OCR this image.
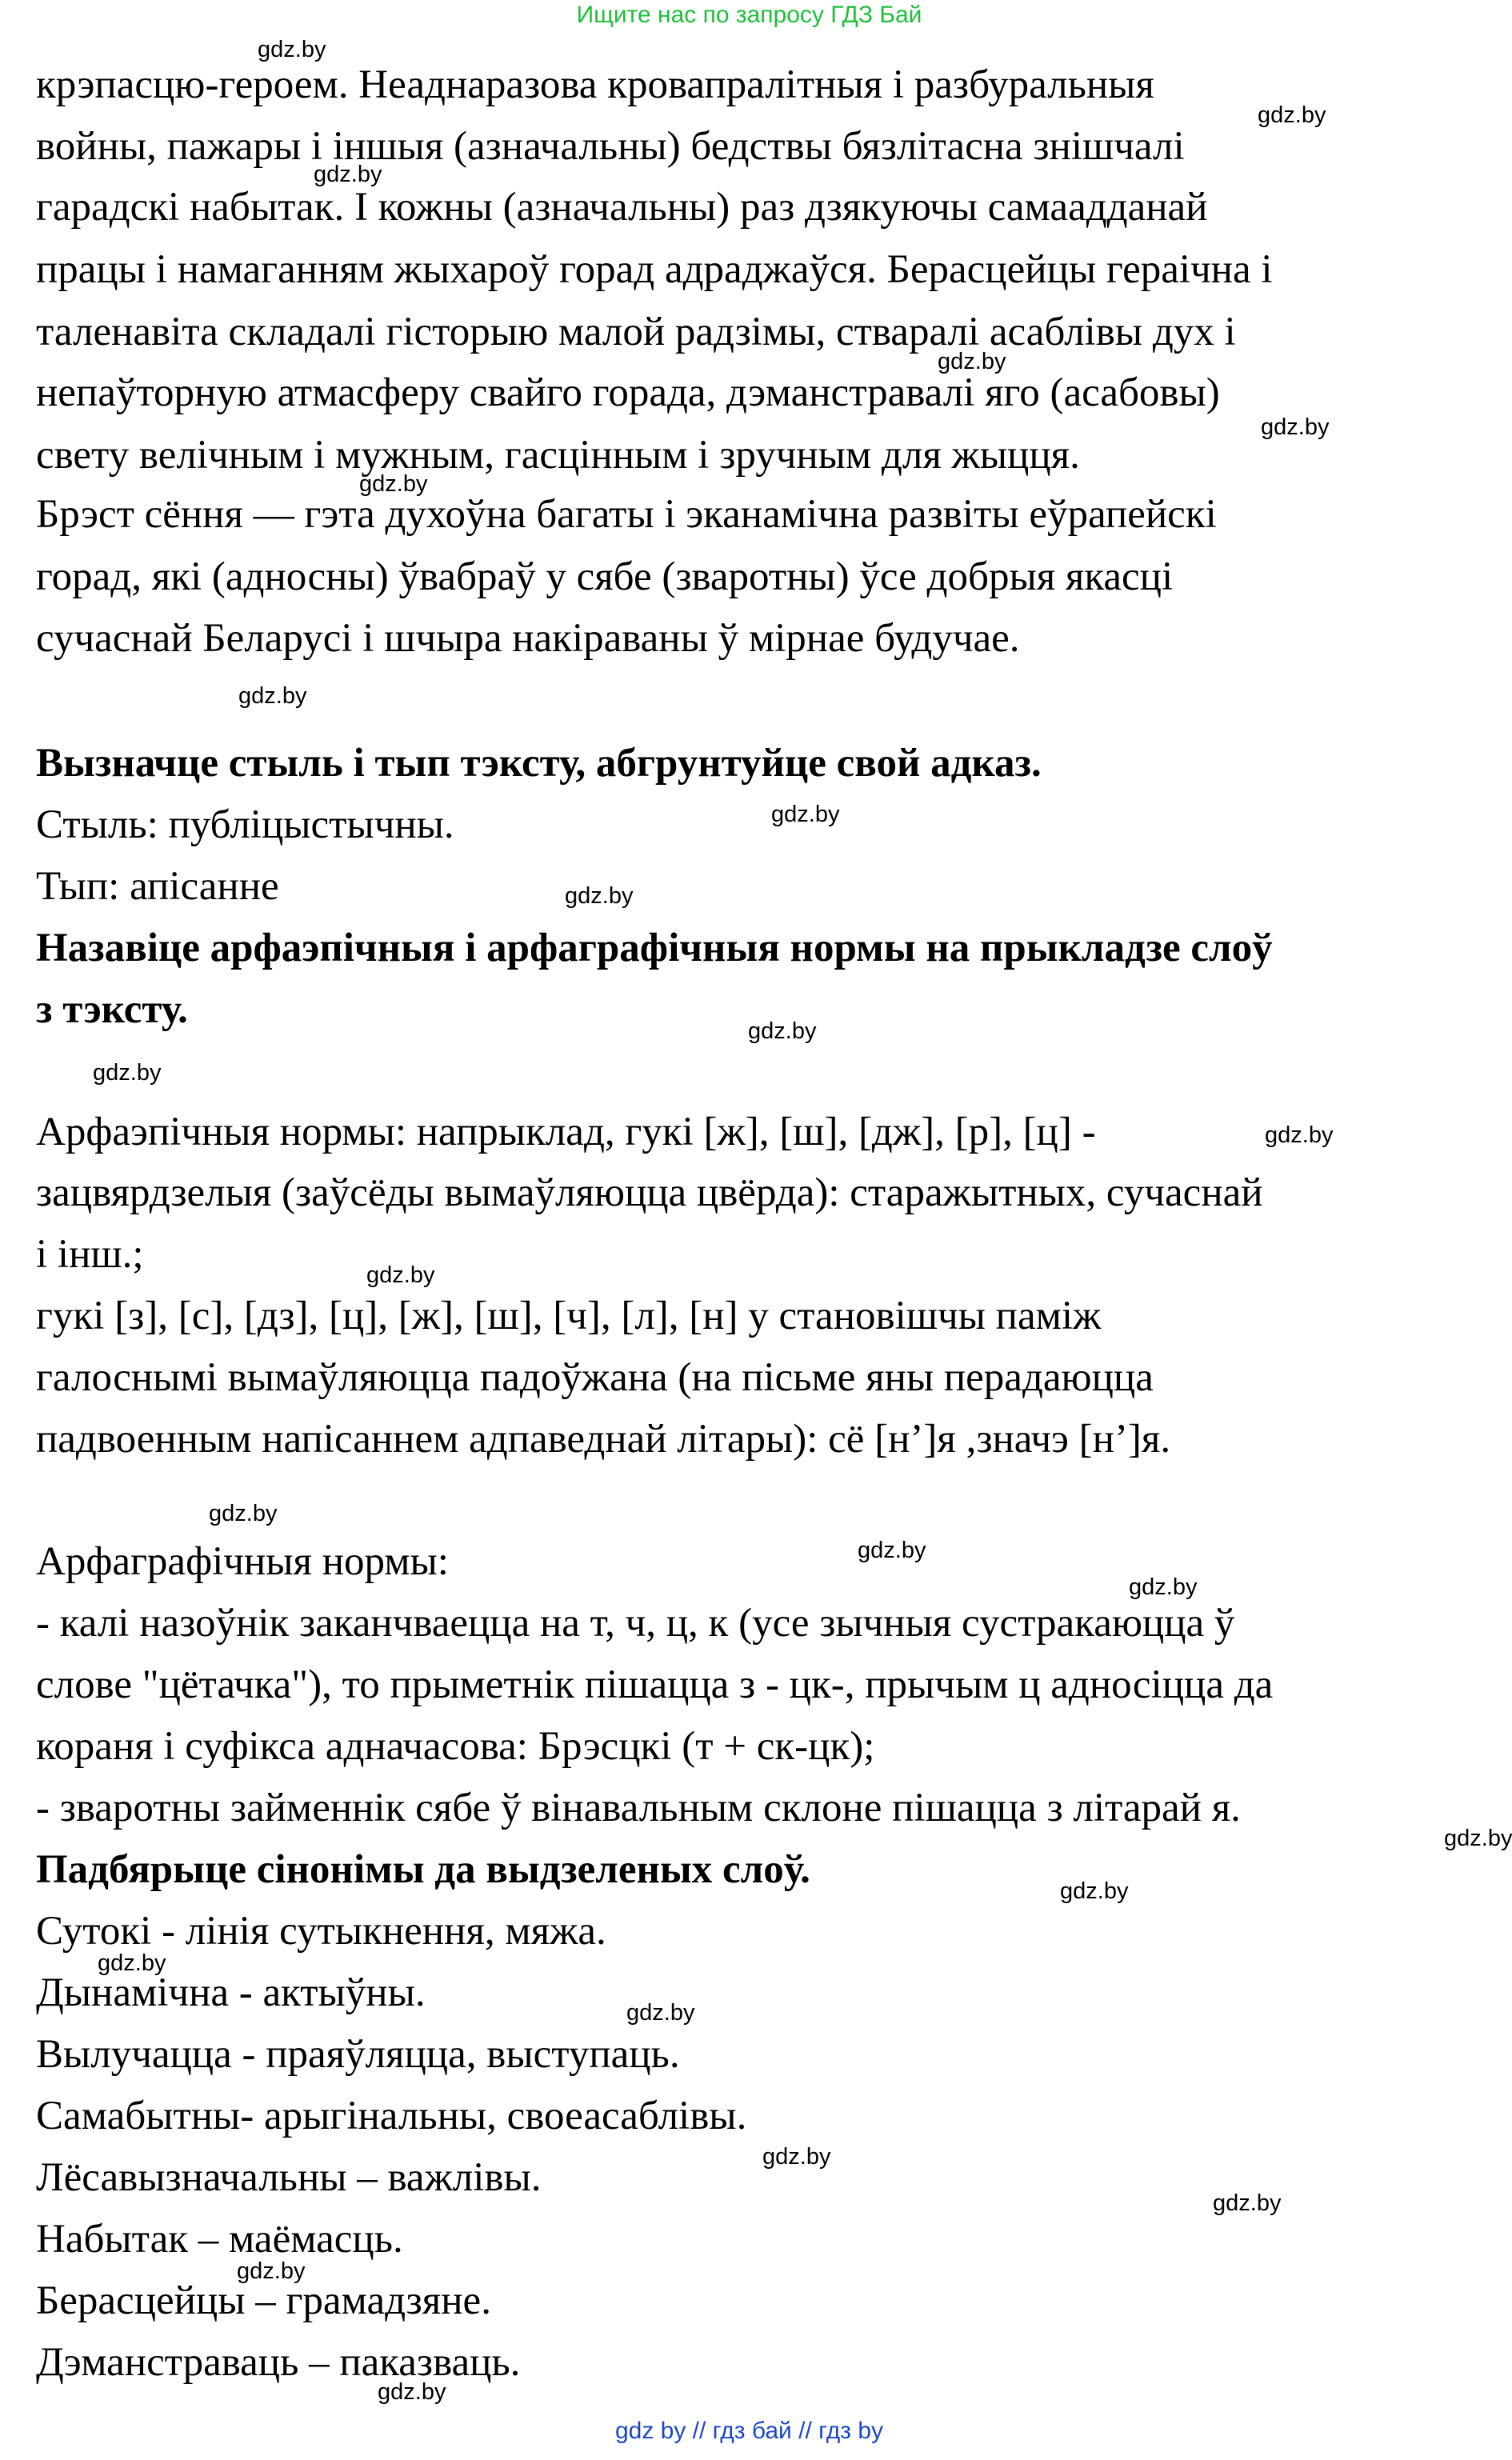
Ищите нас по запросу ГДЗ Бай
крэпасцю-героем. Неаднаразова кровапралітныя і разбуральныя
войны, пажары і іншыя (азначальны) бедствы бязлітасна знішчалі
гарадскі набытак. І кожны (азначальны) раз дзякуючы самаадданай
працы і намаганням жыхароў горад адраджаўся. Берасцейцы гераічна і
таленавіта складалі гісторыю малой радзімы, стваралі асаблівы дух і
непаўторную атмасферу свайго горада, дэманстравалі яго (асабовы)
свету велічным і мужным, гасцінным і зручным для жыцця.
Брэст сёння — гэта духоўна багаты і эканамічна развіты еўрапейскі
горад, які (адносны) ўвабраў у сябе (зваротны) ўсе добрыя якасці
сучаснай Беларусі і шчыра накіраваны ў мірнае будучае.
Вызначце стыль і тып тэксту, абгрунтуйце свой адказ.
Стыль: публіцыстычны.
Тып: апісанне
Назавіце арфаэпічныя і арфаграфічныя нормы на прыкладзе слоў
з тэксту.
Арфаэпічныя нормы: напрыклад, гукі [ж], [ш], [дж], [р], [ц] -
зацвярдзелыя (заўсёды вымаўляюцца цвёрда): старажытных, сучаснай
і інш.;
гукі [з], [с], [дз], [ц], [ж], [ш], [ч], [л], [н] у становішчы паміж
галоснымі вымаўляюцца падоўжана (на пісьме яны перадаюцца
падвоенным напісаннем адпаведнай літары): сё [н’]я ,значэ [н’]я.
Арфаграфічныя нормы:
- калі назоўнік заканчваецца на т, ч, ц, к (усе зычныя сустракаюцца ў
слове "цётачка"), то прыметнік пішацца з - цк-, прычым ц адносіцца да
кораня і суфікса адначасова: Брэсцкі (т + ск-цк);
- зваротны займеннік сябе ў вінавальным склоне пішацца з літарай я.
Падбярыце сінонімы да выдзеленых слоў.
Сутокі - лінія сутыкнення, мяжа.
Дынамічна - актыўны.
Вылучацца - праяўляцца, выступаць.
Самабытны- арыгінальны, своеасаблівы.
Лёсавызначальны – важлівы.
Набытак – маёмасць.
Берасцейцы – грамадзяне.
Дэманстраваць – паказваць.
gdz.by
gdz.by
gdz.by
gdz.by
gdz.by
gdz.by
gdz.by
gdz.by
gdz.by
gdz.by
gdz.by
gdz.by
gdz.by
gdz.by
gdz.by
gdz.by
gdz.by
gdz.by
gdz.by
gdz.by
gdz.by
gdz.by
gdz.by
gdz.by
gdz by // гдз бай // гдз by
